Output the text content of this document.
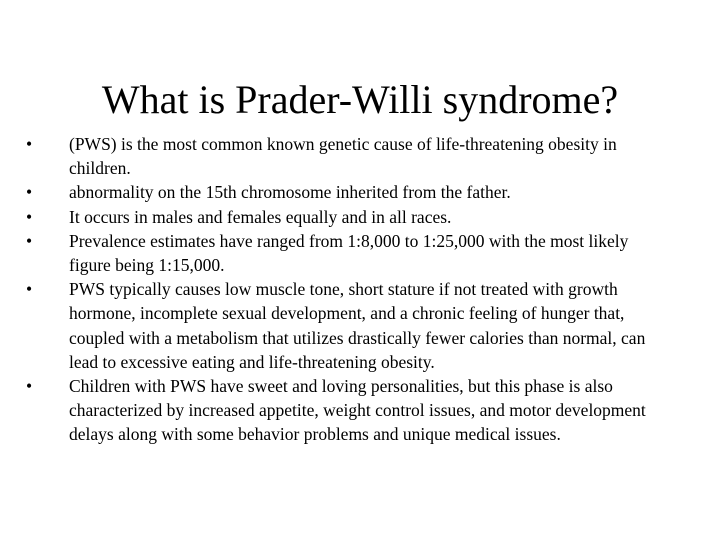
What is Prader-Willi syndrome?
•	(PWS) is the most common known genetic cause of life-threatening obesity in children.
•	abnormality on the 15th chromosome inherited from the father.
•	It occurs in males and females equally and in all races.
•	Prevalence estimates have ranged from 1:8,000 to 1:25,000 with the most likely figure being 1:15,000.
•	PWS typically causes low muscle tone, short stature if not treated with growth hormone, incomplete sexual development, and a chronic feeling of hunger that, coupled with a metabolism that utilizes drastically fewer calories than normal, can lead to excessive eating and life-threatening obesity.
•	Children with PWS have sweet and loving personalities, but this phase is also characterized by increased appetite, weight control issues, and motor development delays along with some behavior problems and unique medical issues.
